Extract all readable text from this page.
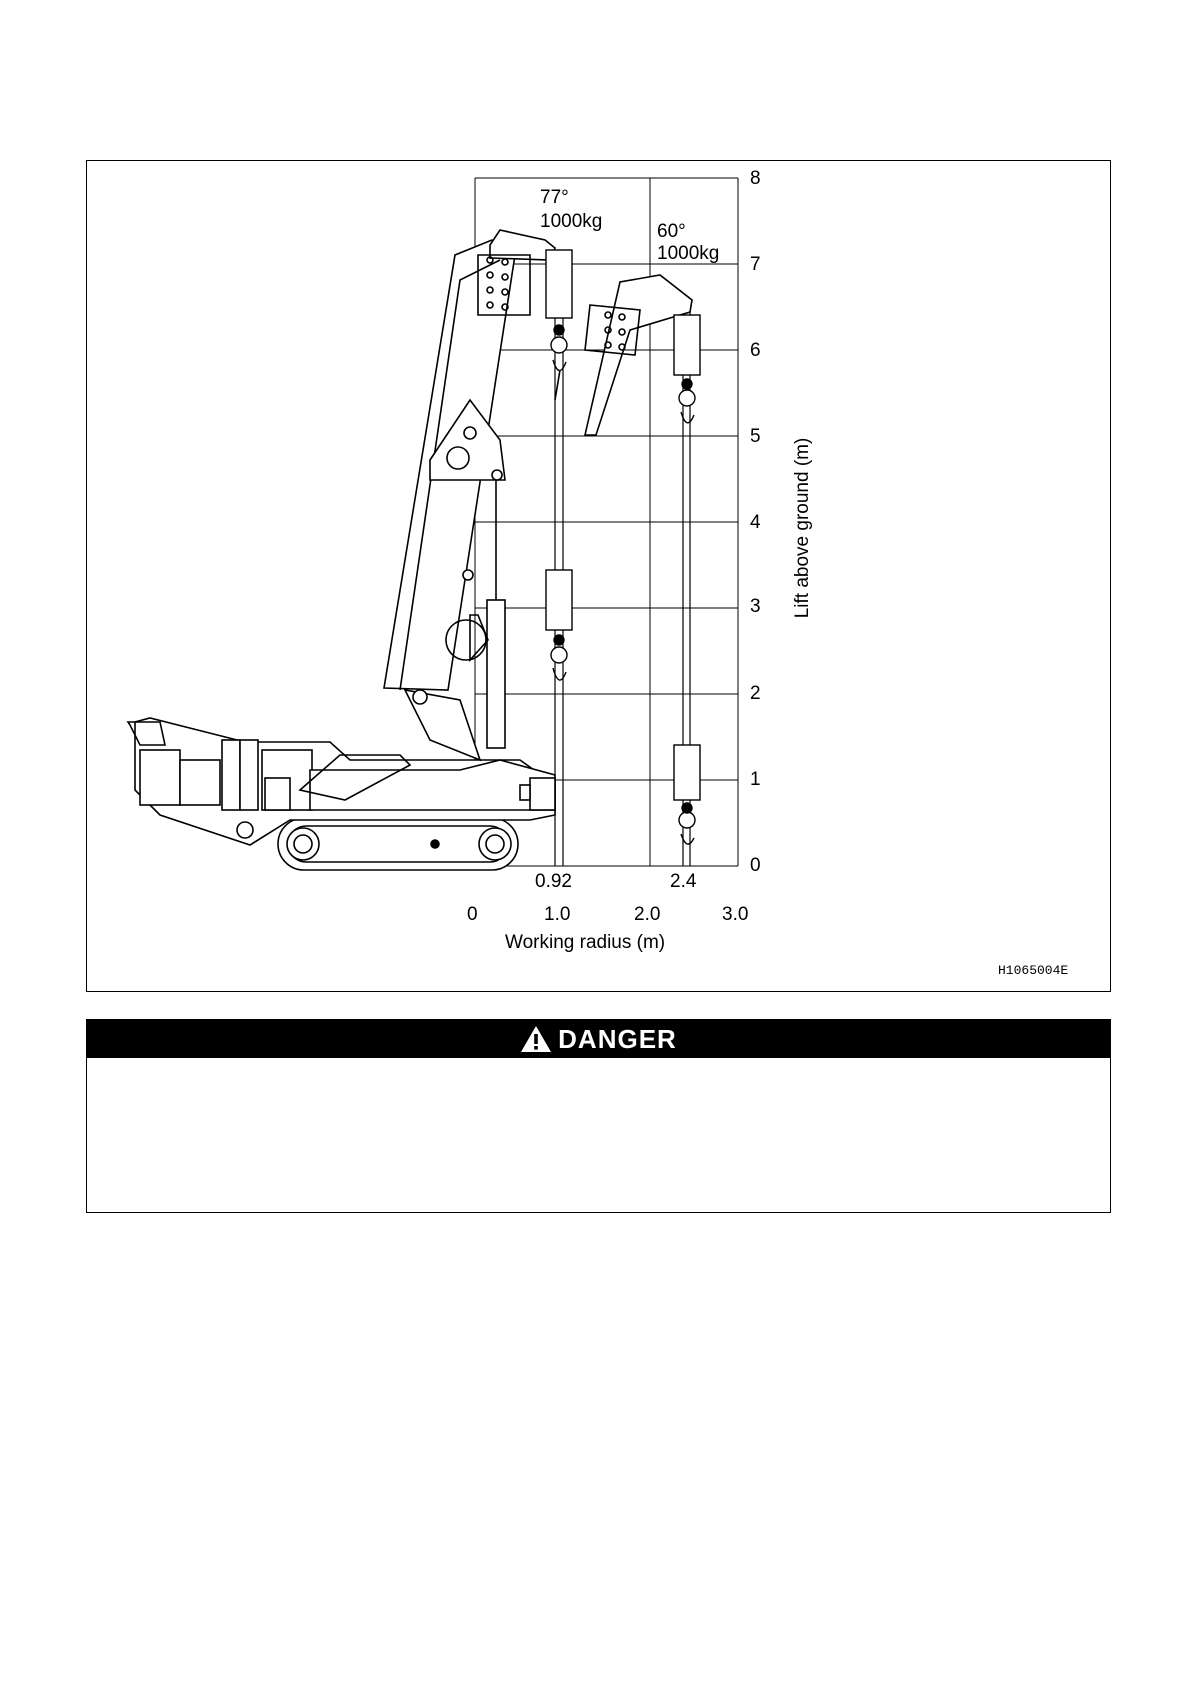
77°
1000kg	60°
1000kg
8
7
6
5
4
3
2
1
0
Lift above ground (m)
0.92	2.4
0	1.0	2.0	3.0
Working radius (m)
H1065004E
DANGER
